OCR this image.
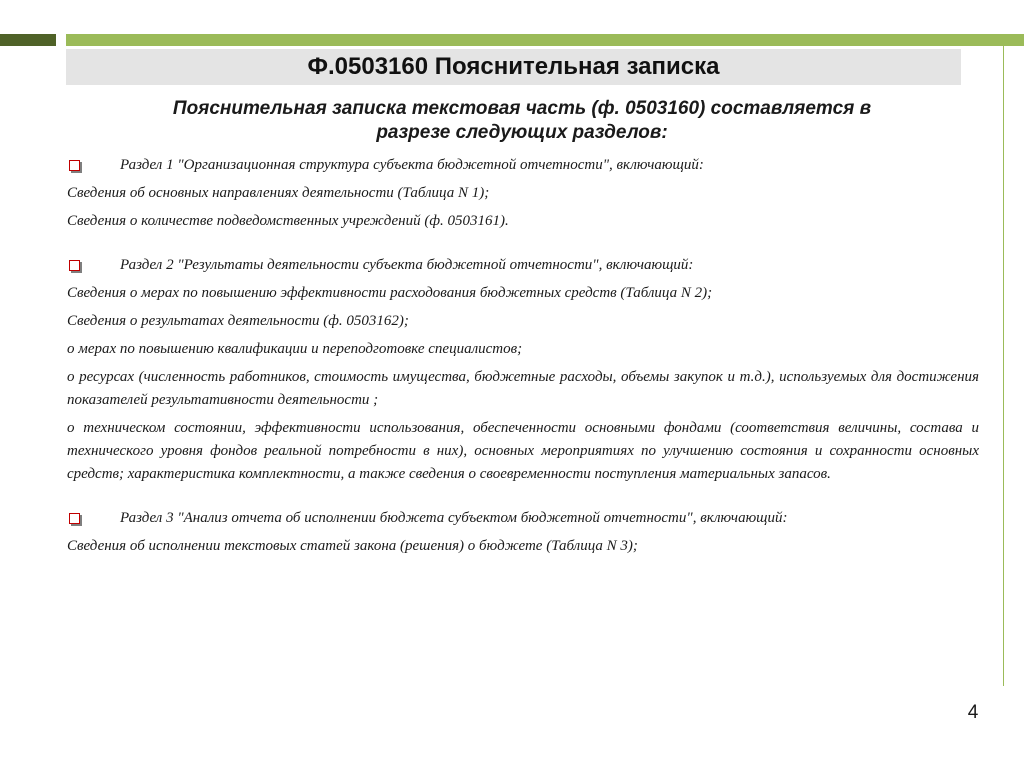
Ф.0503160 Пояснительная записка
Пояснительная записка текстовая часть (ф. 0503160) составляется в
разрезе следующих разделов:
Раздел 1 "Организационная структура субъекта бюджетной отчетности", включающий:
Сведения об основных направлениях деятельности (Таблица N 1);
Сведения о количестве подведомственных учреждений (ф. 0503161).
Раздел 2 "Результаты деятельности субъекта бюджетной отчетности", включающий:
Сведения о мерах по повышению эффективности расходования бюджетных средств (Таблица N 2);
Сведения о результатах деятельности (ф. 0503162);
о мерах по повышению квалификации и переподготовке специалистов;
о ресурсах (численность работников, стоимость имущества, бюджетные расходы, объемы закупок и т.д.), используемых для достижения показателей результативности деятельности ;
о техническом состоянии, эффективности использования, обеспеченности основными фондами (соответствия величины, состава и технического уровня фондов реальной потребности в них), основных мероприятиях по улучшению состояния и сохранности основных средств; характеристика комплектности, а также сведения о своевременности поступления материальных запасов.
Раздел 3 "Анализ отчета об исполнении бюджета субъектом бюджетной отчетности", включающий:
Сведения об исполнении текстовых статей закона (решения) о бюджете (Таблица N 3);
4
